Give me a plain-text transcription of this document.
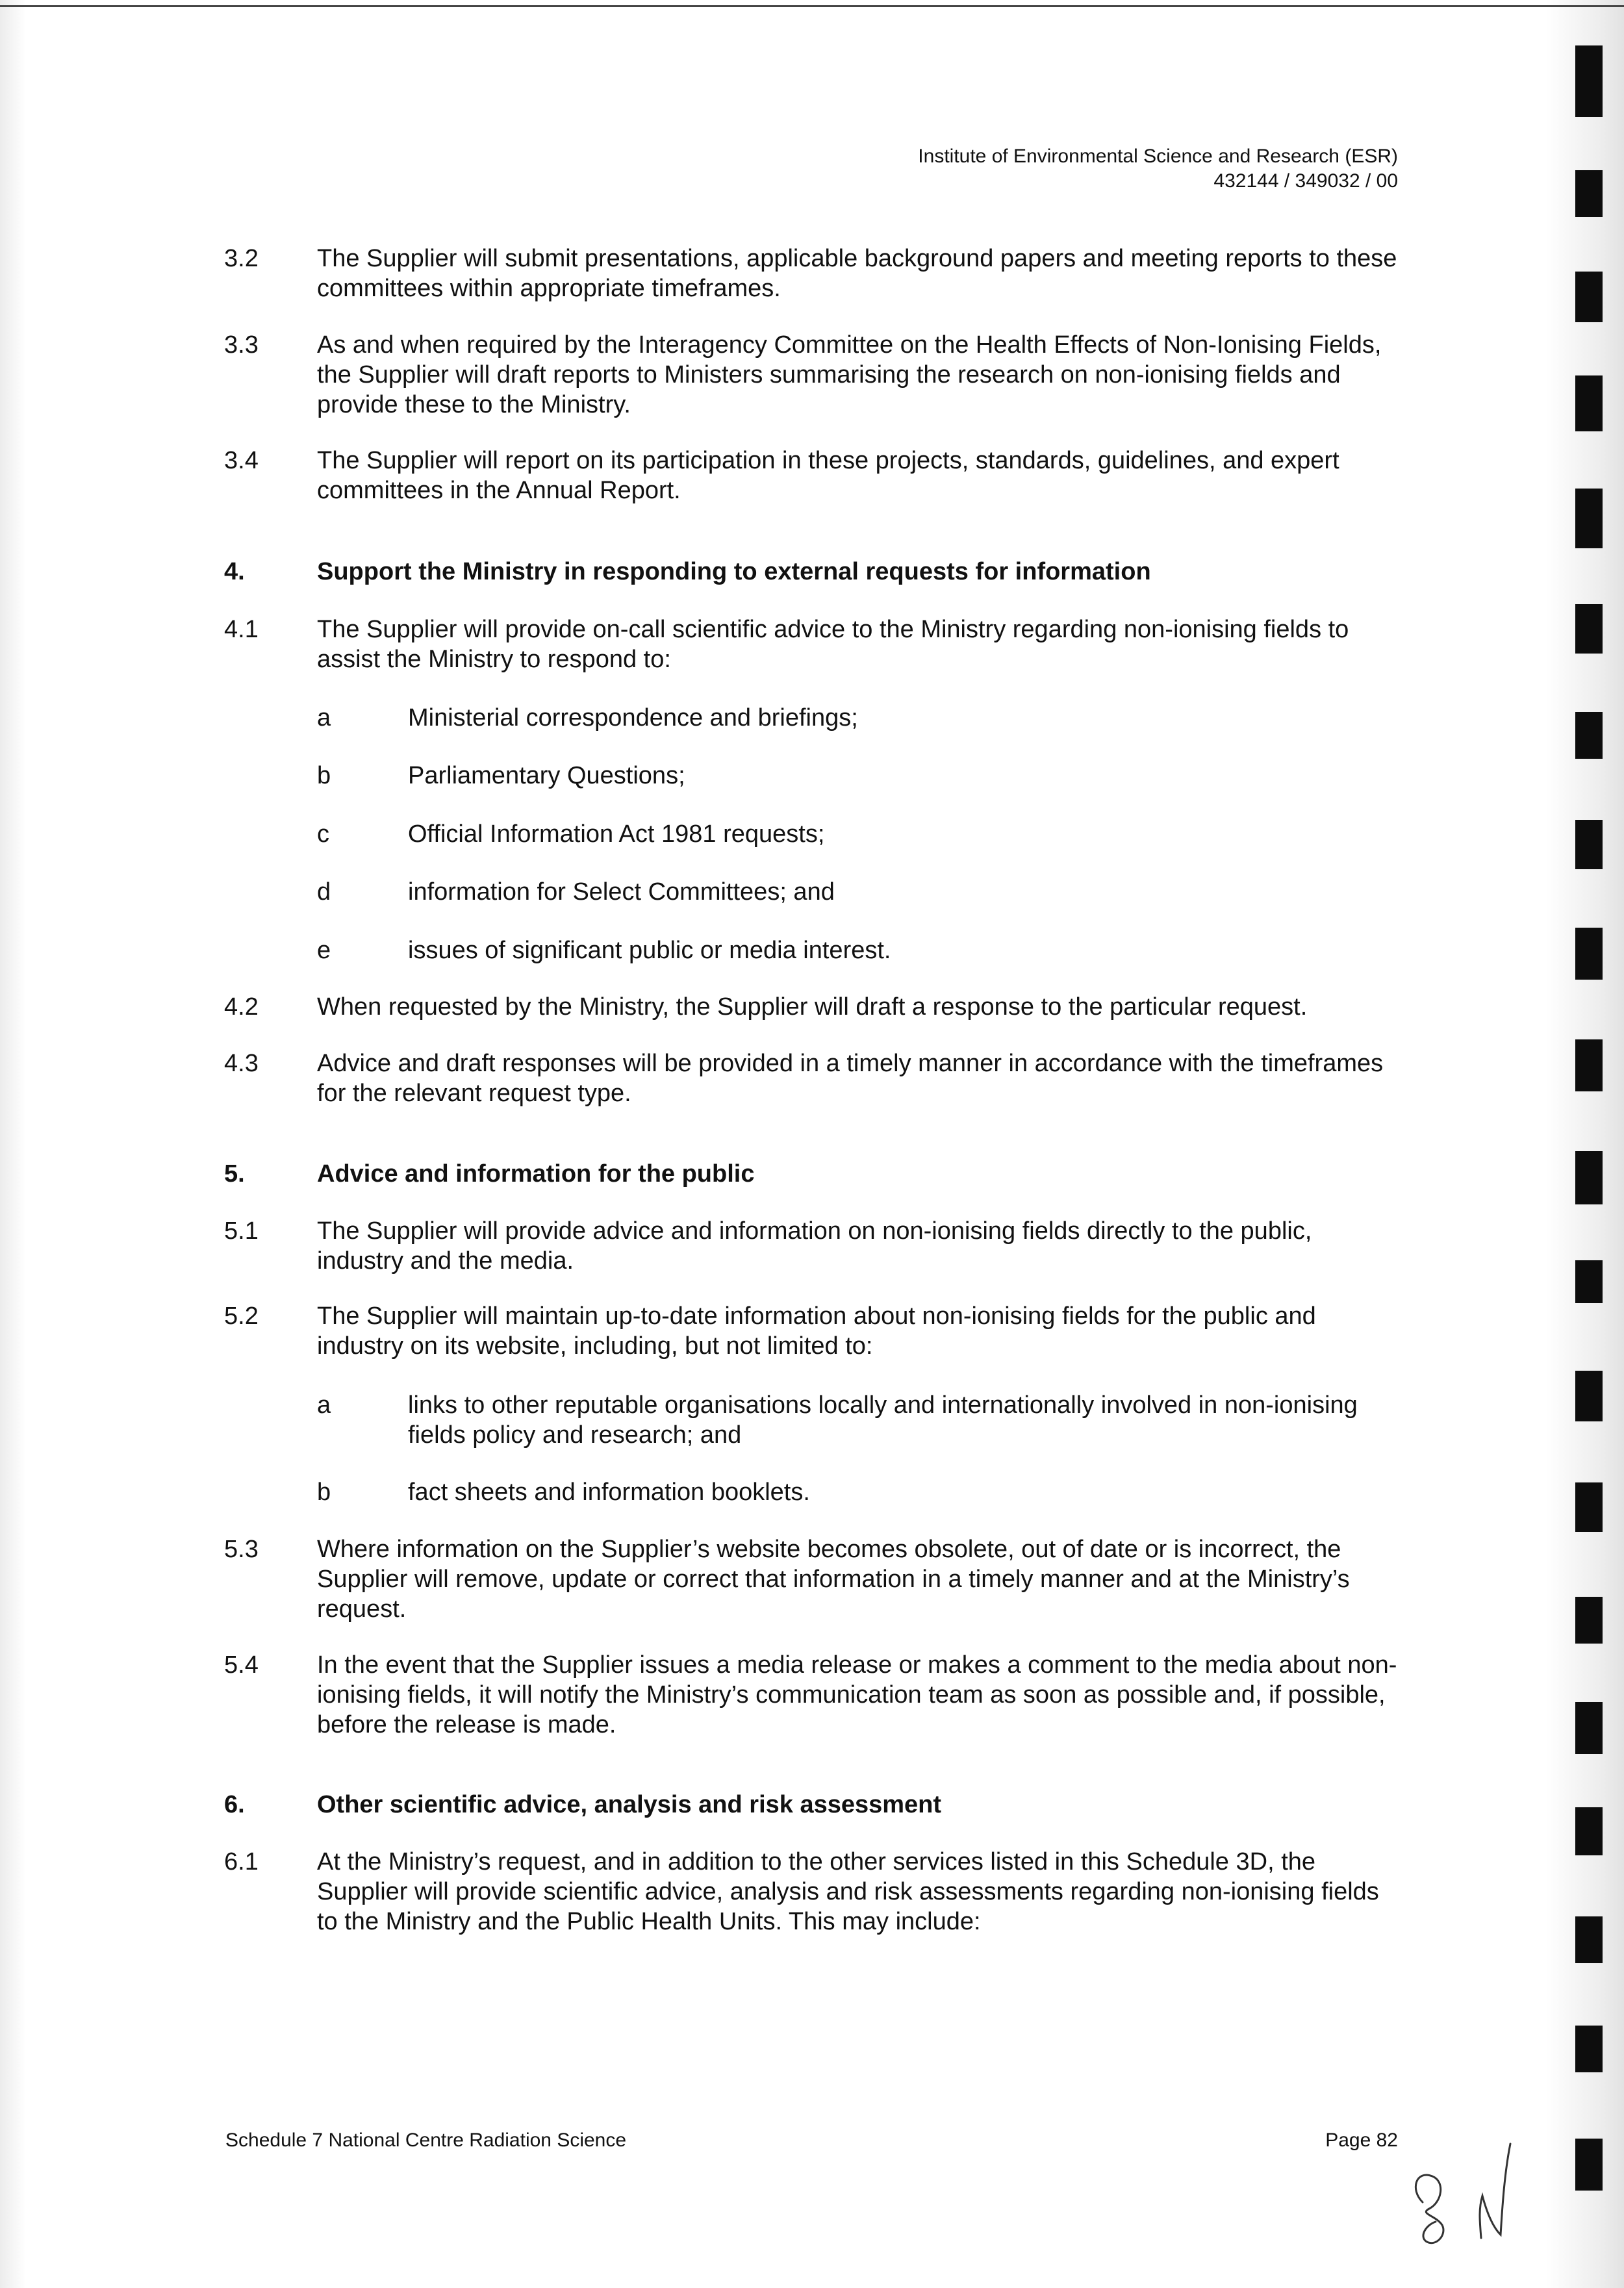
Institute of Environmental Science and Research (ESR)
432144 / 349032 / 00
3.2 The Supplier will submit presentations, applicable background papers and meeting reports to these committees within appropriate timeframes.
3.3 As and when required by the Interagency Committee on the Health Effects of Non-Ionising Fields, the Supplier will draft reports to Ministers summarising the research on non-ionising fields and provide these to the Ministry.
3.4 The Supplier will report on its participation in these projects, standards, guidelines, and expert committees in the Annual Report.
4.	Support the Ministry in responding to external requests for information
4.1 The Supplier will provide on-call scientific advice to the Ministry regarding non-ionising fields to assist the Ministry to respond to:
a	Ministerial correspondence and briefings;
b	Parliamentary Questions;
c	Official Information Act 1981 requests;
d	information for Select Committees; and
e	issues of significant public or media interest.
4.2 When requested by the Ministry, the Supplier will draft a response to the particular request.
4.3 Advice and draft responses will be provided in a timely manner in accordance with the timeframes for the relevant request type.
5.	Advice and information for the public
5.1 The Supplier will provide advice and information on non-ionising fields directly to the public, industry and the media.
5.2 The Supplier will maintain up-to-date information about non-ionising fields for the public and industry on its website, including, but not limited to:
a	links to other reputable organisations locally and internationally involved in non-ionising fields policy and research; and
b	fact sheets and information booklets.
5.3 Where information on the Supplier’s website becomes obsolete, out of date or is incorrect, the Supplier will remove, update or correct that information in a timely manner and at the Ministry’s request.
5.4 In the event that the Supplier issues a media release or makes a comment to the media about non-ionising fields, it will notify the Ministry’s communication team as soon as possible and, if possible, before the release is made.
6.	Other scientific advice, analysis and risk assessment
6.1 At the Ministry’s request, and in addition to the other services listed in this Schedule 3D, the Supplier will provide scientific advice, analysis and risk assessments regarding non-ionising fields to the Ministry and the Public Health Units. This may include:
Schedule 7 National Centre Radiation Science	Page 82
